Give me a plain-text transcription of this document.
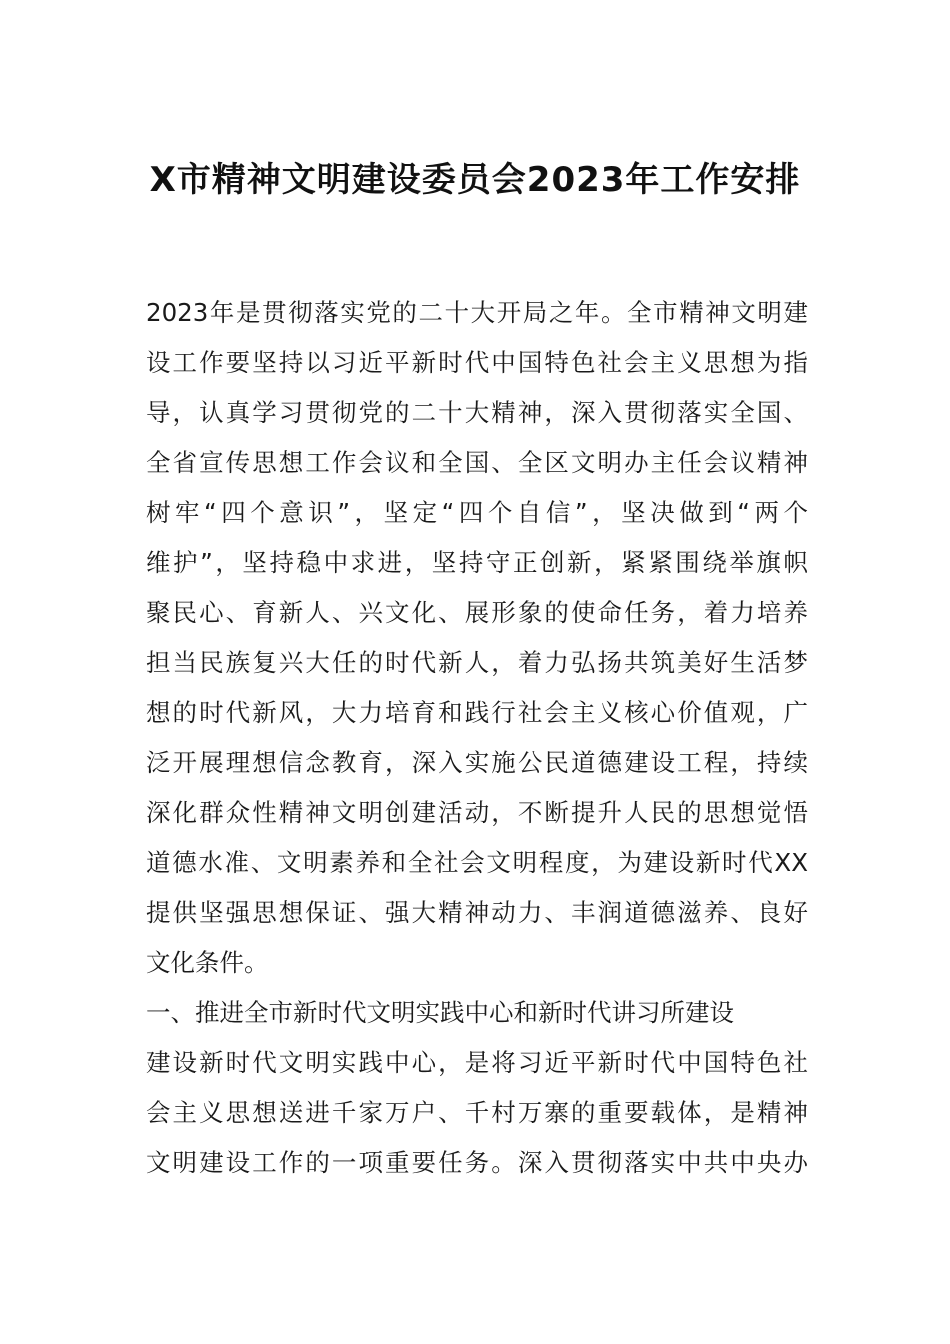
X市精神文明建设委员会2023年工作安排
2023年是贯彻落实党的二十大开局之年。全市精神文明建
设工作要坚持以习近平新时代中国特色社会主义思想为指
导，认真学习贯彻党的二十大精神，深入贯彻落实全国、
全省宣传思想工作会议和全国、全区文明办主任会议精神
树牢“四个意识”，坚定“四个自信”，坚决做到“两个
维护”，坚持稳中求进，坚持守正创新，紧紧围绕举旗帜
聚民心、育新人、兴文化、展形象的使命任务，着力培养
担当民族复兴大任的时代新人，着力弘扬共筑美好生活梦
想的时代新风，大力培育和践行社会主义核心价值观，广
泛开展理想信念教育，深入实施公民道德建设工程，持续
深化群众性精神文明创建活动，不断提升人民的思想觉悟
道德水准、文明素养和全社会文明程度，为建设新时代XX
提供坚强思想保证、强大精神动力、丰润道德滋养、良好
文化条件。
一、推进全市新时代文明实践中心和新时代讲习所建设
建设新时代文明实践中心，是将习近平新时代中国特色社
会主义思想送进千家万户、千村万寨的重要载体，是精神
文明建设工作的一项重要任务。深入贯彻落实中共中央办
